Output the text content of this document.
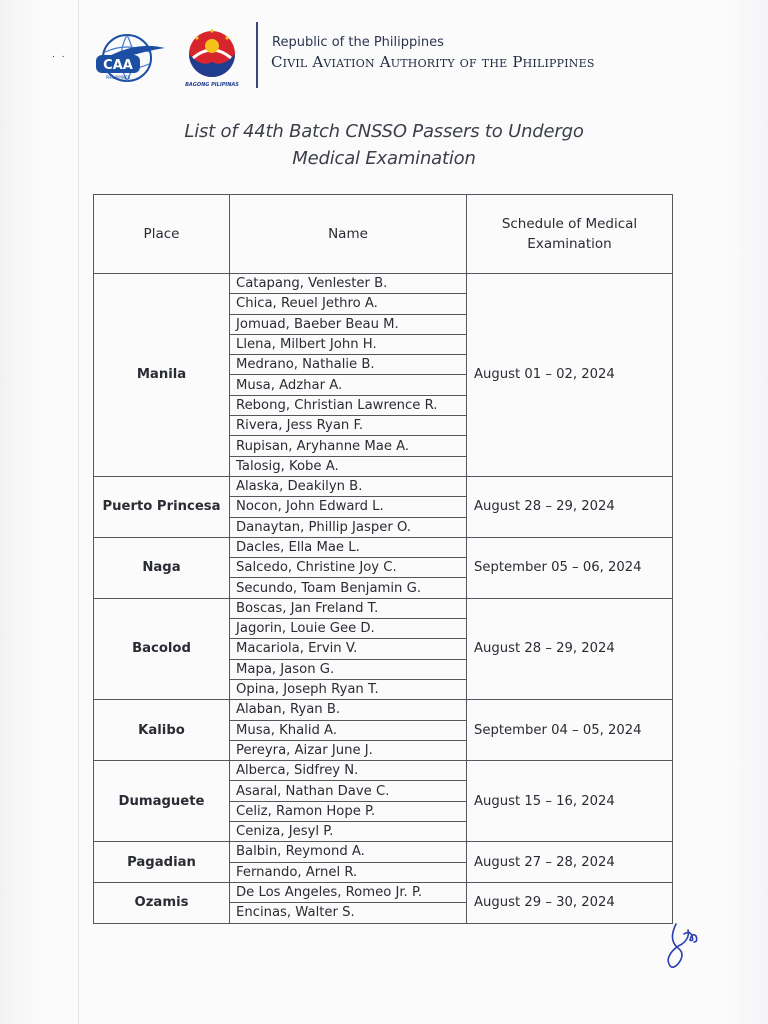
. .
CAA
PHILIPPINES
BAGONG PILIPINAS
Republic of the Philippines
Civil Aviation Authority of the Philippines
List of 44th Batch CNSSO Passers to Undergo
Medical Examination
Place	Name	Schedule of Medical
Examination

Manila	Catapang, Venlester B.	August 01 – 02, 2024
	Chica, Reuel Jethro A.	
	Jomuad, Baeber Beau M.	
	Llena, Milbert John H.	
	Medrano, Nathalie B.	
	Musa, Adzhar A.	
	Rebong, Christian Lawrence R.	
	Rivera, Jess Ryan F.	
	Rupisan, Aryhanne Mae A.	
	Talosig, Kobe A.	
Puerto Princesa	Alaska, Deakilyn B.	August 28 – 29, 2024
	Nocon, John Edward L.	
	Danaytan, Phillip Jasper O.	
Naga	Dacles, Ella Mae L.	September 05 – 06, 2024
	Salcedo, Christine Joy C.	
	Secundo, Toam Benjamin G.	
Bacolod	Boscas, Jan Freland T.	August 28 – 29, 2024
	Jagorin, Louie Gee D.	
	Macariola, Ervin V.	
	Mapa, Jason G.	
	Opina, Joseph Ryan T.	
Kalibo	Alaban, Ryan B.	September 04 – 05, 2024
	Musa, Khalid A.	
	Pereyra, Aizar June J.	
Dumaguete	Alberca, Sidfrey N.	August 15 – 16, 2024
	Asaral, Nathan Dave C.	
	Celiz, Ramon Hope P.	
	Ceniza, Jesyl P.	
Pagadian	Balbin, Reymond A.	August 27 – 28, 2024
	Fernando, Arnel R.	
Ozamis	De Los Angeles, Romeo Jr. P.	August 29 – 30, 2024
	Encinas, Walter S.	
